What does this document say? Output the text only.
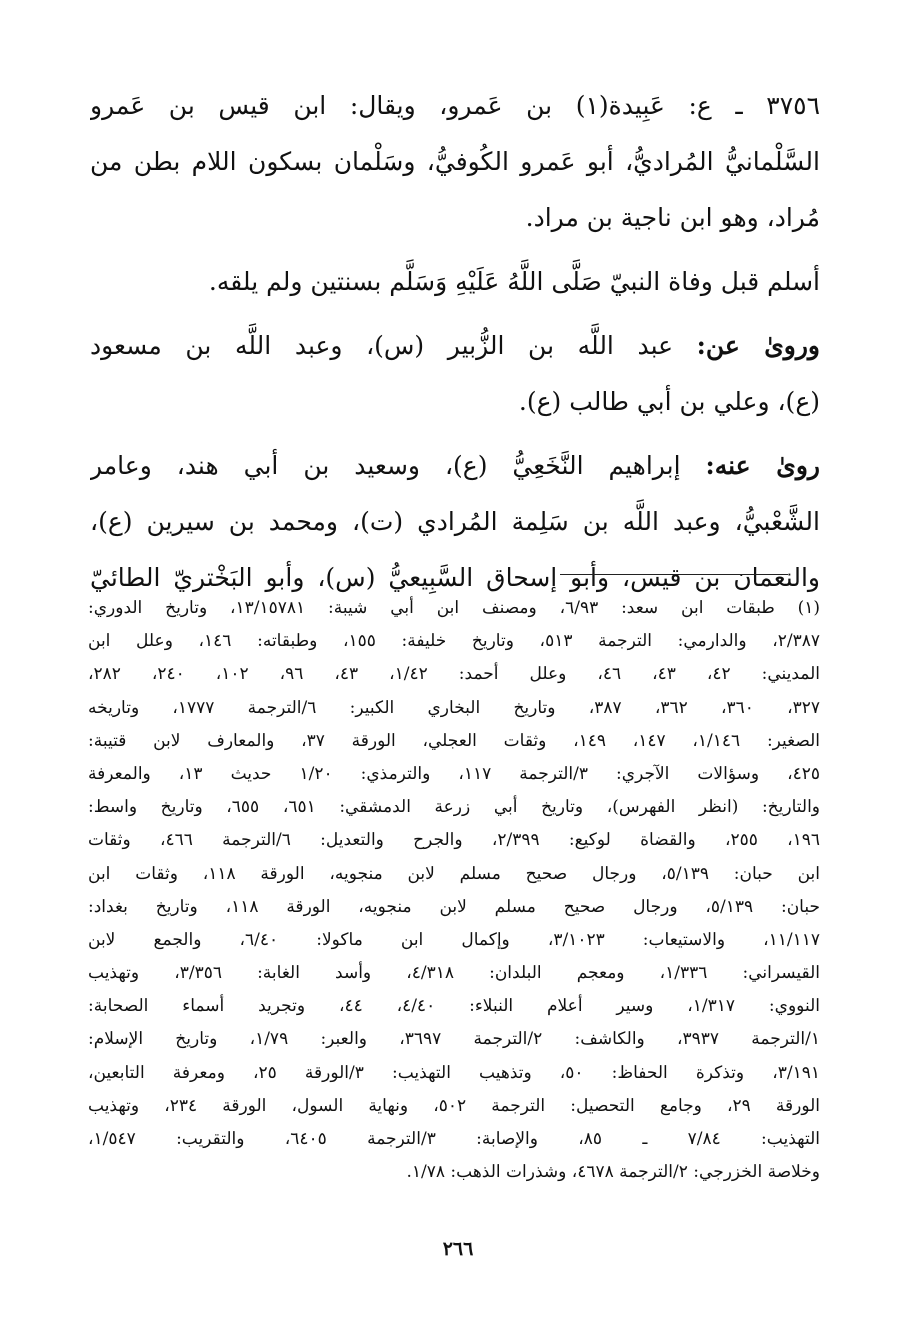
٣٧٥٦ ـ ع: عَبِيدة(١) بن عَمرو، ويقال: ابن قيس بن عَمرو
السَّلْمانيُّ المُراديُّ، أبو عَمرو الكُوفيُّ، وسَلْمان بسكون اللام بطن من
مُراد، وهو ابن ناجية بن مراد.
أسلم قبل وفاة النبيّ صَلَّى اللَّهُ عَلَيْهِ وَسَلَّم بسنتين ولم يلقه.
وروىٰ عن: عبد اللَّه بن الزُّبير (س)، وعبد اللَّه بن مسعود
(ع)، وعلي بن أبي طالب (ع).
روىٰ عنه: إبراهيم النَّخَعِيُّ (ع)، وسعيد بن أبي هند، وعامر
الشَّعْبيُّ، وعبد اللَّه بن سَلِمة المُرادي (ت)، ومحمد بن سيرين (ع)،
والنعمان بن قيس، وأبو إسحاق السَّبِيعيُّ (س)، وأبو البَخْتريّ الطائيّ
(١) طبقات ابن سعد: ٦/٩٣، ومصنف ابن أبي شيبة: ١٣/١٥٧٨١، وتاريخ الدوري:
٢/٣٨٧، والدارمي: الترجمة ٥١٣، وتاريخ خليفة: ١٥٥، وطبقاته: ١٤٦، وعلل ابن
المديني: ٤٢، ٤٣، ٤٦، وعلل أحمد: ١/٤٢، ٤٣، ٩٦، ١٠٢، ٢٤٠، ٢٨٢،
٣٢٧، ٣٦٠، ٣٦٢، ٣٨٧، وتاريخ البخاري الكبير: ٦/الترجمة ١٧٧٧، وتاريخه
الصغير: ١/١٤٦، ١٤٧، ١٤٩، وثقات العجلي، الورقة ٣٧، والمعارف لابن قتيبة:
٤٢٥، وسؤالات الآجري: ٣/الترجمة ١١٧، والترمذي: ١/٢٠ حديث ١٣، والمعرفة
والتاريخ: (انظر الفهرس)، وتاريخ أبي زرعة الدمشقي: ٦٥١، ٦٥٥، وتاريخ واسط:
١٩٦، ٢٥٥، والقضاة لوكيع: ٢/٣٩٩، والجرح والتعديل: ٦/الترجمة ٤٦٦، وثقات
ابن حبان: ٥/١٣٩، ورجال صحيح مسلم لابن منجويه، الورقة ١١٨، وثقات ابن
حبان: ٥/١٣٩، ورجال صحيح مسلم لابن منجويه، الورقة ١١٨، وتاريخ بغداد:
١١/١١٧، والاستيعاب: ٣/١٠٢٣، وإكمال ابن ماكولا: ٦/٤٠، والجمع لابن
القيسراني: ١/٣٣٦، ومعجم البلدان: ٤/٣١٨، وأسد الغابة: ٣/٣٥٦، وتهذيب
النووي: ١/٣١٧، وسير أعلام النبلاء: ٤/٤٠، ٤٤، وتجريد أسماء الصحابة:
١/الترجمة ٣٩٣٧، والكاشف: ٢/الترجمة ٣٦٩٧، والعبر: ١/٧٩، وتاريخ الإسلام:
٣/١٩١، وتذكرة الحفاظ: ٥٠، وتذهيب التهذيب: ٣/الورقة ٢٥، ومعرفة التابعين،
الورقة ٢٩، وجامع التحصيل: الترجمة ٥٠٢، ونهاية السول، الورقة ٢٣٤، وتهذيب
التهذيب: ٧/٨٤ ـ ٨٥، والإصابة: ٣/الترجمة ٦٤٠٥، والتقريب: ١/٥٤٧،
وخلاصة الخزرجي: ٢/الترجمة ٤٦٧٨، وشذرات الذهب: ١/٧٨.
٢٦٦
